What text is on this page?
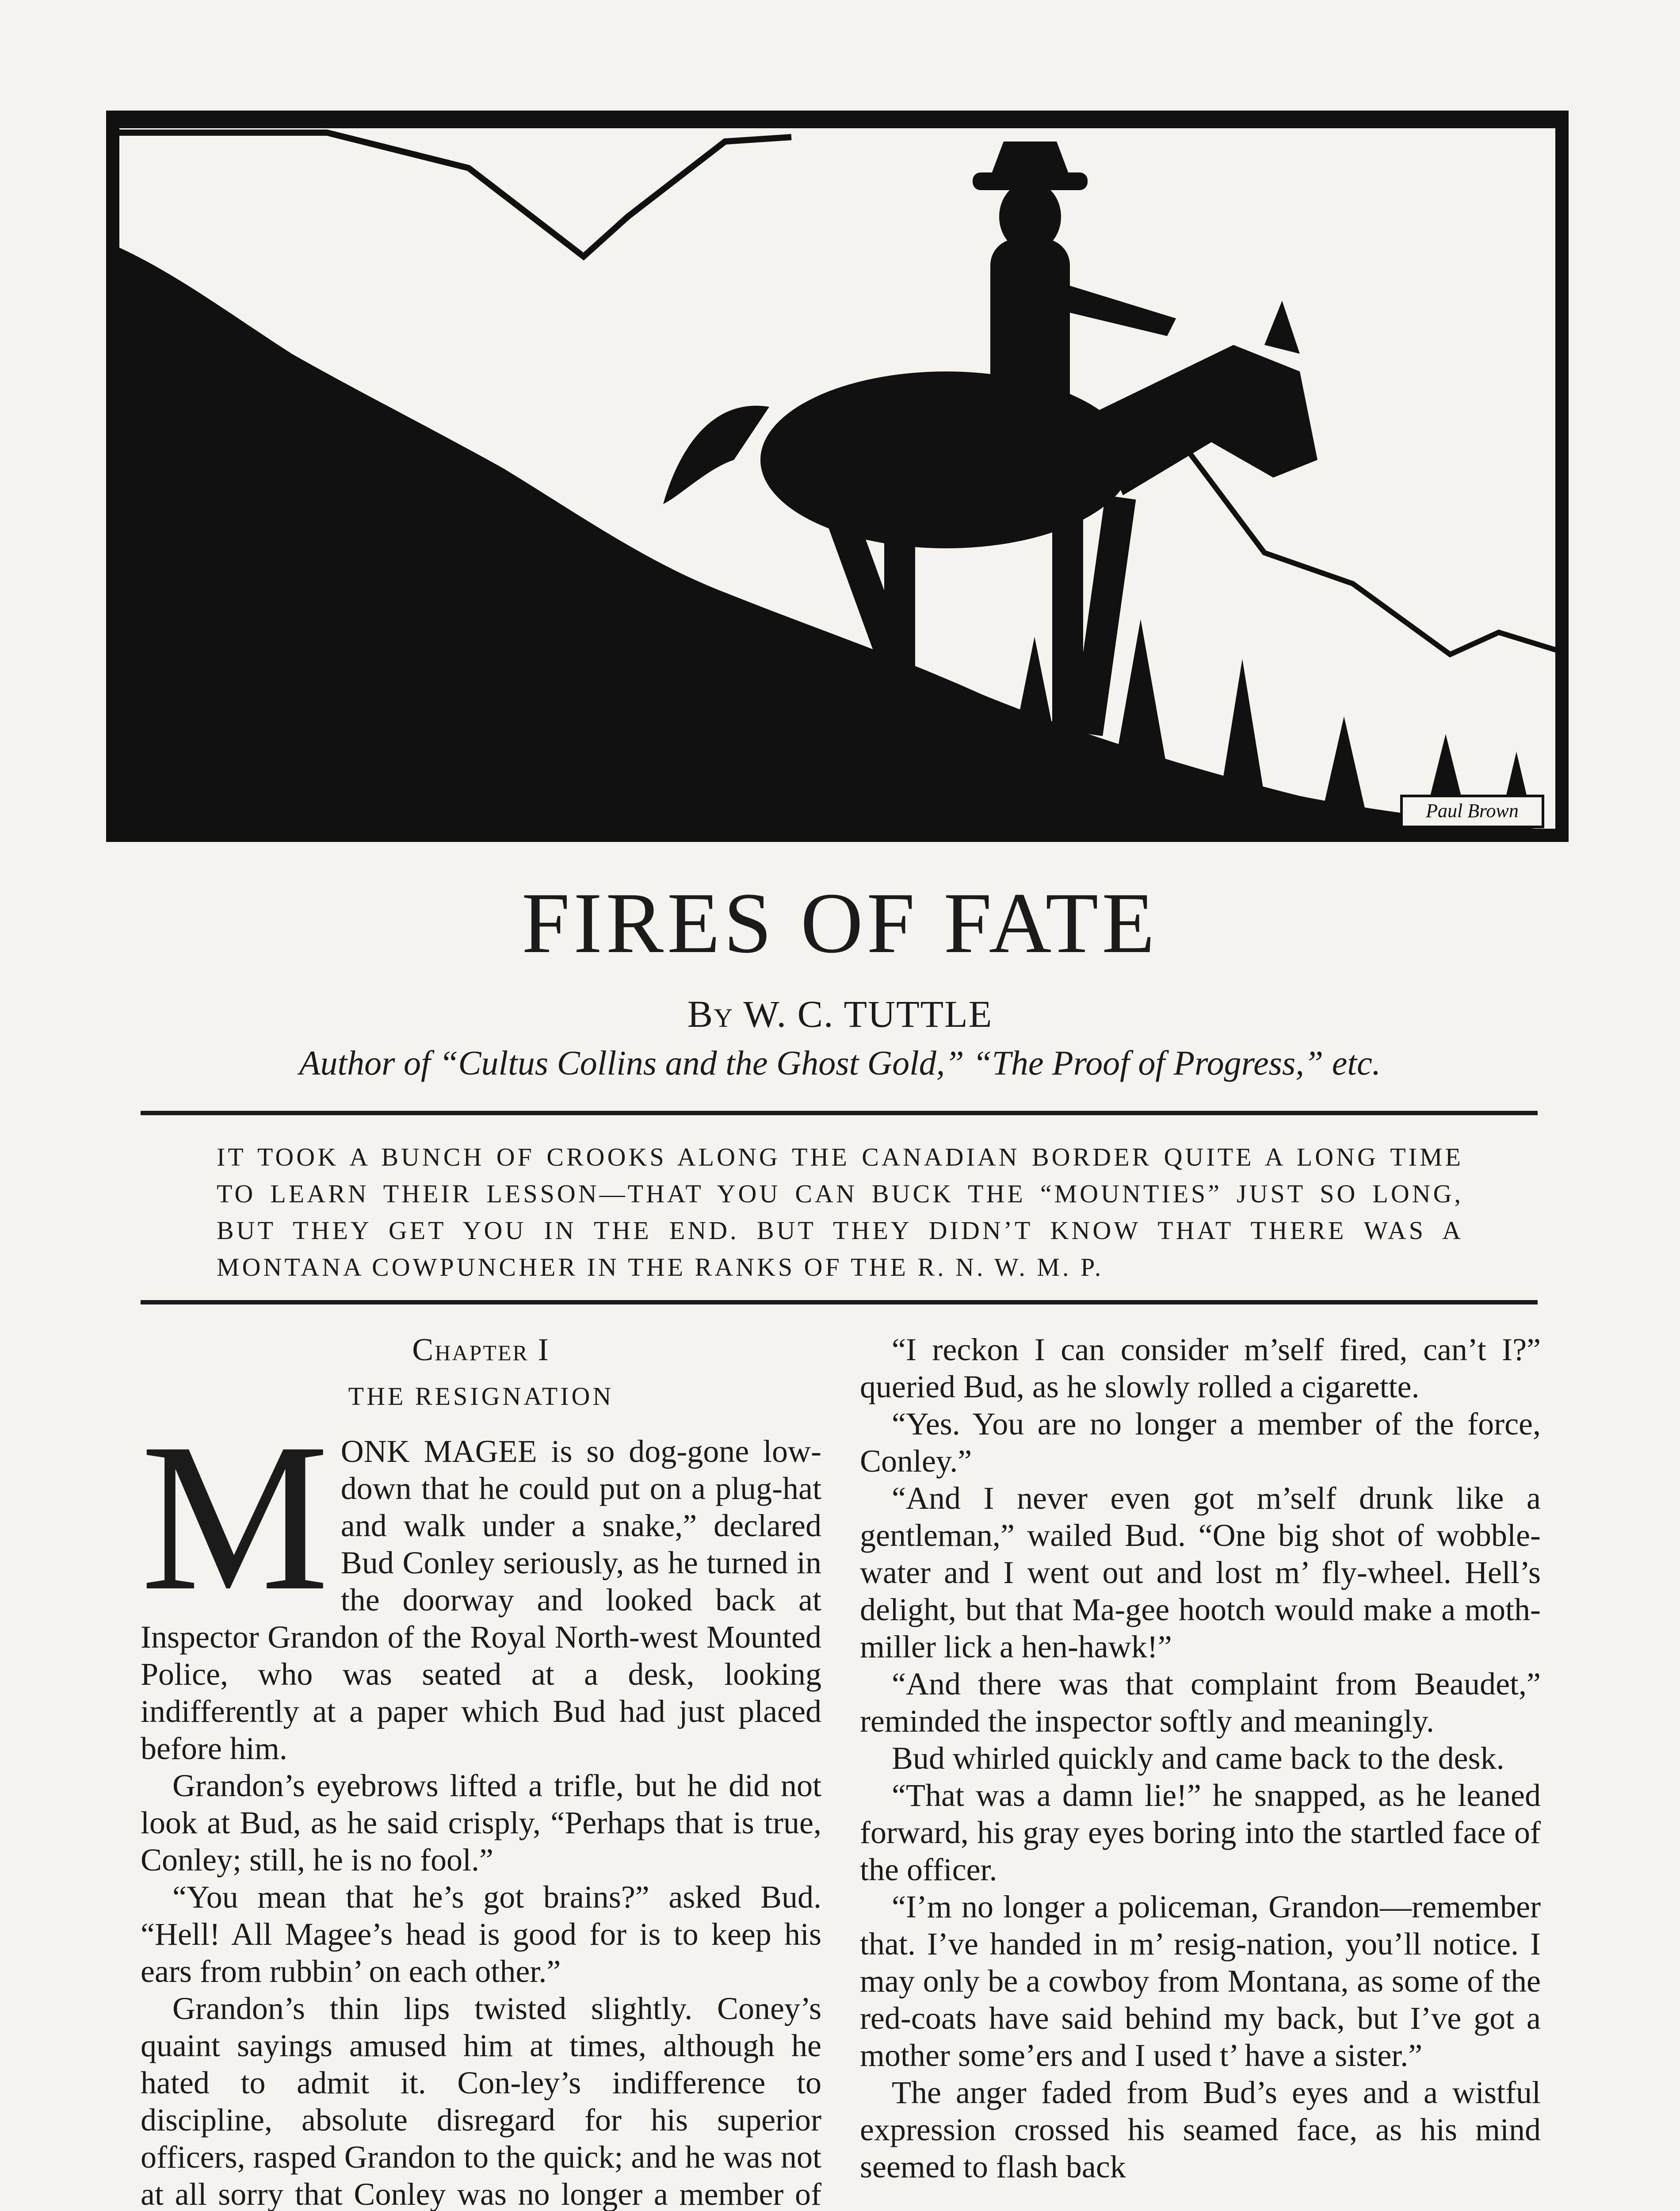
Paul Brown
FIRES OF FATE
By W. C. TUTTLE
Author of “Cultus Collins and the Ghost Gold,” “The Proof of Progress,” etc.
IT TOOK A BUNCH OF CROOKS ALONG THE CANADIAN BORDER QUITE A LONG TIME TO LEARN THEIR LESSON—THAT YOU CAN BUCK THE “MOUNTIES” JUST SO LONG, BUT THEY GET YOU IN THE END. BUT THEY DIDN’T KNOW THAT THERE WAS A MONTANA COWPUNCHER IN THE RANKS OF THE R. N. W. M. P.
Chapter I
THE RESIGNATION

MONK MAGEE is so dog-gone low-down that he could put on a plug-hat and walk under a snake,” declared Bud Conley seriously, as he turned in the doorway and looked back at Inspector Grandon of the Royal North-west Mounted Police, who was seated at a desk, looking indifferently at a paper which Bud had just placed before him.

Grandon’s eyebrows lifted a trifle, but he did not look at Bud, as he said crisply, “Perhaps that is true, Conley; still, he is no fool.”

“You mean that he’s got brains?” asked Bud. “Hell! All Magee’s head is good for is to keep his ears from rubbin’ on each other.”

Grandon’s thin lips twisted slightly. Coney’s quaint sayings amused him at times, although he hated to admit it. Con-ley’s indifference to discipline, absolute disregard for his superior officers, rasped Grandon to the quick; and he was not at all sorry that Conley was no longer a member of

“I reckon I can consider m’self fired, can’t I?” queried Bud, as he slowly rolled a cigarette.

“Yes. You are no longer a member of the force, Conley.”

“And I never even got m’self drunk like a gentleman,” wailed Bud. “One big shot of wobble-water and I went out and lost m’ fly-wheel. Hell’s delight, but that Ma-gee hootch would make a moth-miller lick a hen-hawk!”

“And there was that complaint from Beaudet,” reminded the inspector softly and meaningly.

Bud whirled quickly and came back to the desk.

“That was a damn lie!” he snapped, as he leaned forward, his gray eyes boring into the startled face of the officer.

“I’m no longer a policeman, Grandon—remember that. I’ve handed in m’ resig-nation, you’ll notice. I may only be a cowboy from Montana, as some of the red-coats have said behind my back, but I’ve got a mother some’ers and I used t’ have a sister.”

The anger faded from Bud’s eyes and a wistful expression crossed his seamed face, as his mind seemed to flash back
